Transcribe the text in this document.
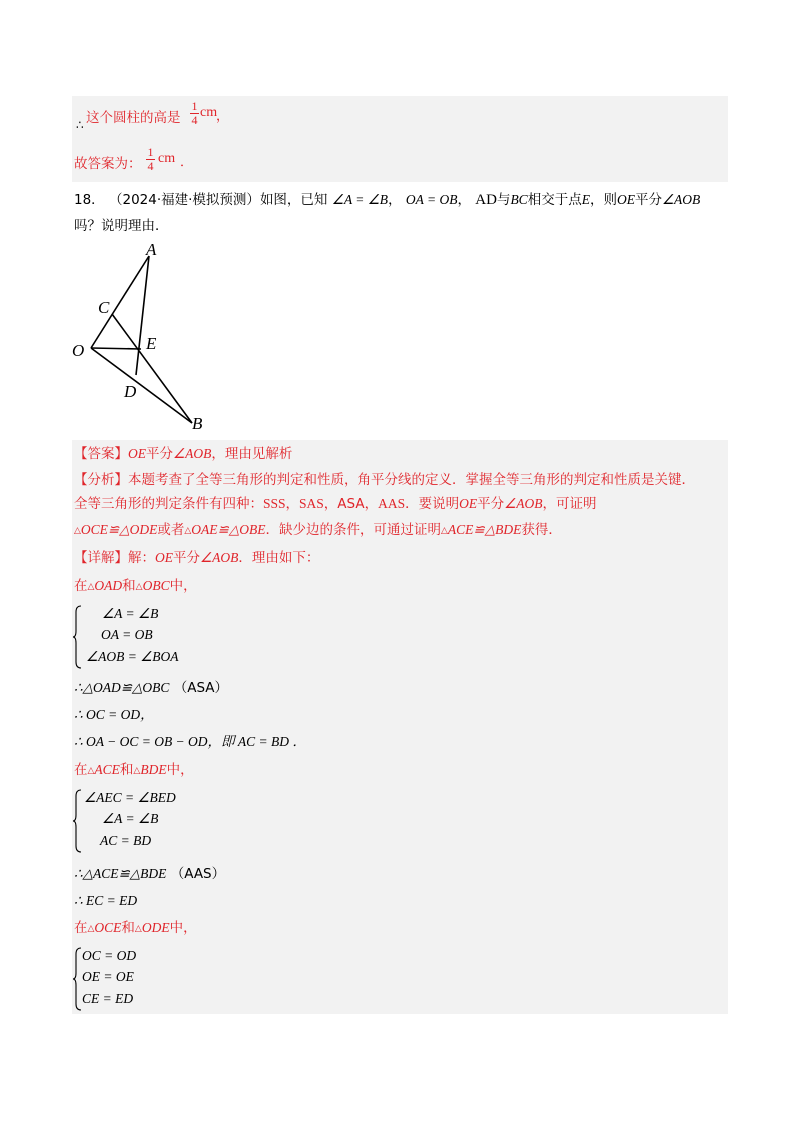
这个圆柱的高是
1
4 cm
，
∴
故答案为：
1
4 cm ．
18． （2024·福建·模拟预测）如图，已知 ∠A = ∠B， OA = OB， AD与BC相交于点E，则OE平分∠AOB
吗？说明理由．
A
C
O	E
D
B
【答案】OE平分∠AOB，理由见解析
【分析】本题考查了全等三角形的判定和性质，角平分线的定义．掌握全等三角形的判定和性质是关键．
全等三角形的判定条件有四种：SSS，SAS，ASA，AAS．要说明OE平分∠AOB，可证明
△OCE≌△ODE或者△OAE≌△OBE．缺少边的条件，可通过证明△ACE≌△BDE获得．
【详解】解：OE平分∠AOB．理由如下：
在△OAD和△OBC中，
∠A = ∠B
OA = OB
∠AOB = ∠BOA
∴△OAD≌△OBC （ASA）
∴ OC = OD，
∴ OA − OC = OB − OD，即 AC = BD ．
在△ACE和△BDE中，
∠AEC = ∠BED
∠A = ∠B
AC = BD
∴△ACE≌△BDE （AAS）
∴ EC = ED
在△OCE和△ODE中，
OC = OD
OE = OE
CE = ED
